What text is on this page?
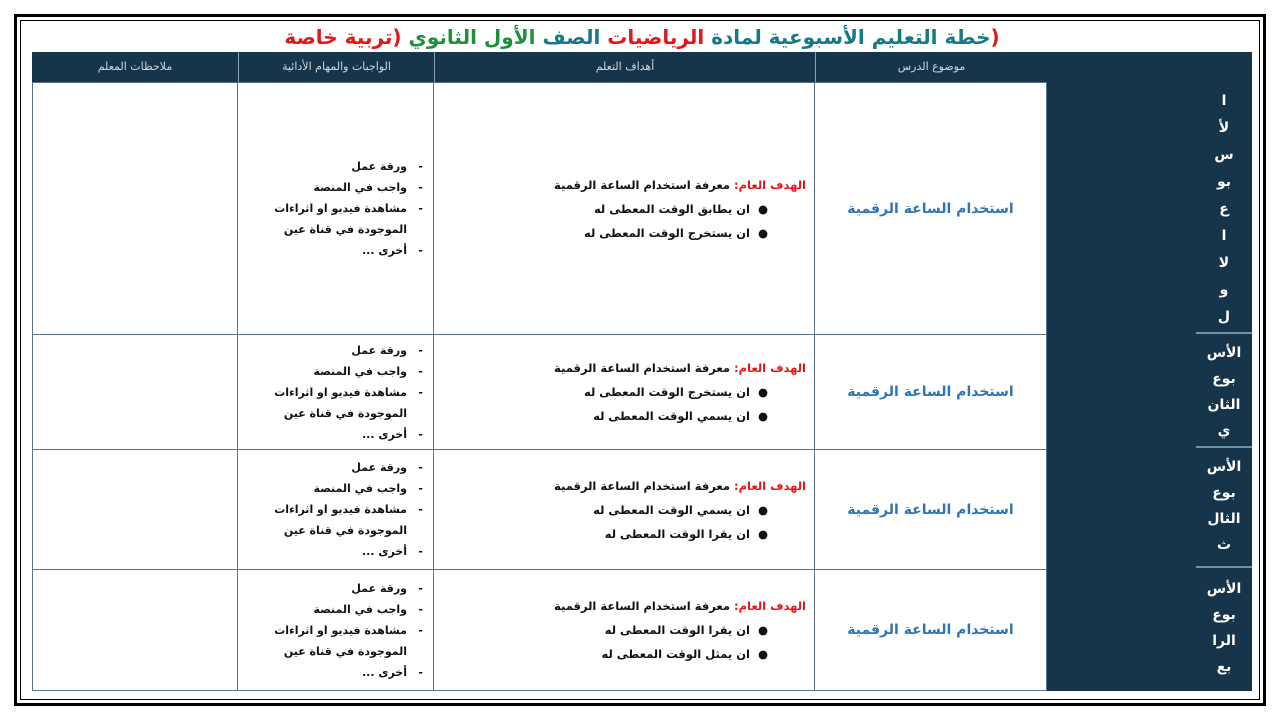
(خطة التعليم الأسبوعية لمادة الرياضيات الصف الأول الثانوي (تربية خاصة
ا
لأ
س
بو
ع
ا
لا
و
ل
الأس
بوع
الثان
ي
الأس
بوع
الثال
ث
الأس
بوع
الرا
بع
موضوع الدرس
أهداف التعلم
الواجبات والمهام الأدائية
ملاحظات المعلم
استخدام الساعة الرقمية
الهدف العام: معرفة استخدام الساعة الرقمية
●
ان يطابق الوقت المعطى له
●
ان يستخرج الوقت المعطى له
-ورقة عمل
-واجب في المنصة
-مشاهدة فيديو او اثراءات
الموجودة في قناة عين
-أخرى ...
استخدام الساعة الرقمية
الهدف العام: معرفة استخدام الساعة الرقمية
●
ان يستخرج الوقت المعطى له
●
ان يسمي الوقت المعطى له
-ورقة عمل
-واجب في المنصة
-مشاهدة فيديو او اثراءات
الموجودة في قناة عين
-أخرى ...
استخدام الساعة الرقمية
الهدف العام: معرفة استخدام الساعة الرقمية
●
ان يسمي الوقت المعطى له
●
ان يقرا الوقت المعطى له
-ورقة عمل
-واجب في المنصة
-مشاهدة فيديو او اثراءات
الموجودة في قناة عين
-أخرى ...
استخدام الساعة الرقمية
الهدف العام: معرفة استخدام الساعة الرقمية
●
ان يقرا الوقت المعطى له
●
ان يمثل الوقت المعطى له
-ورقة عمل
-واجب في المنصة
-مشاهدة فيديو او اثراءات
الموجودة في قناة عين
-أخرى ...
